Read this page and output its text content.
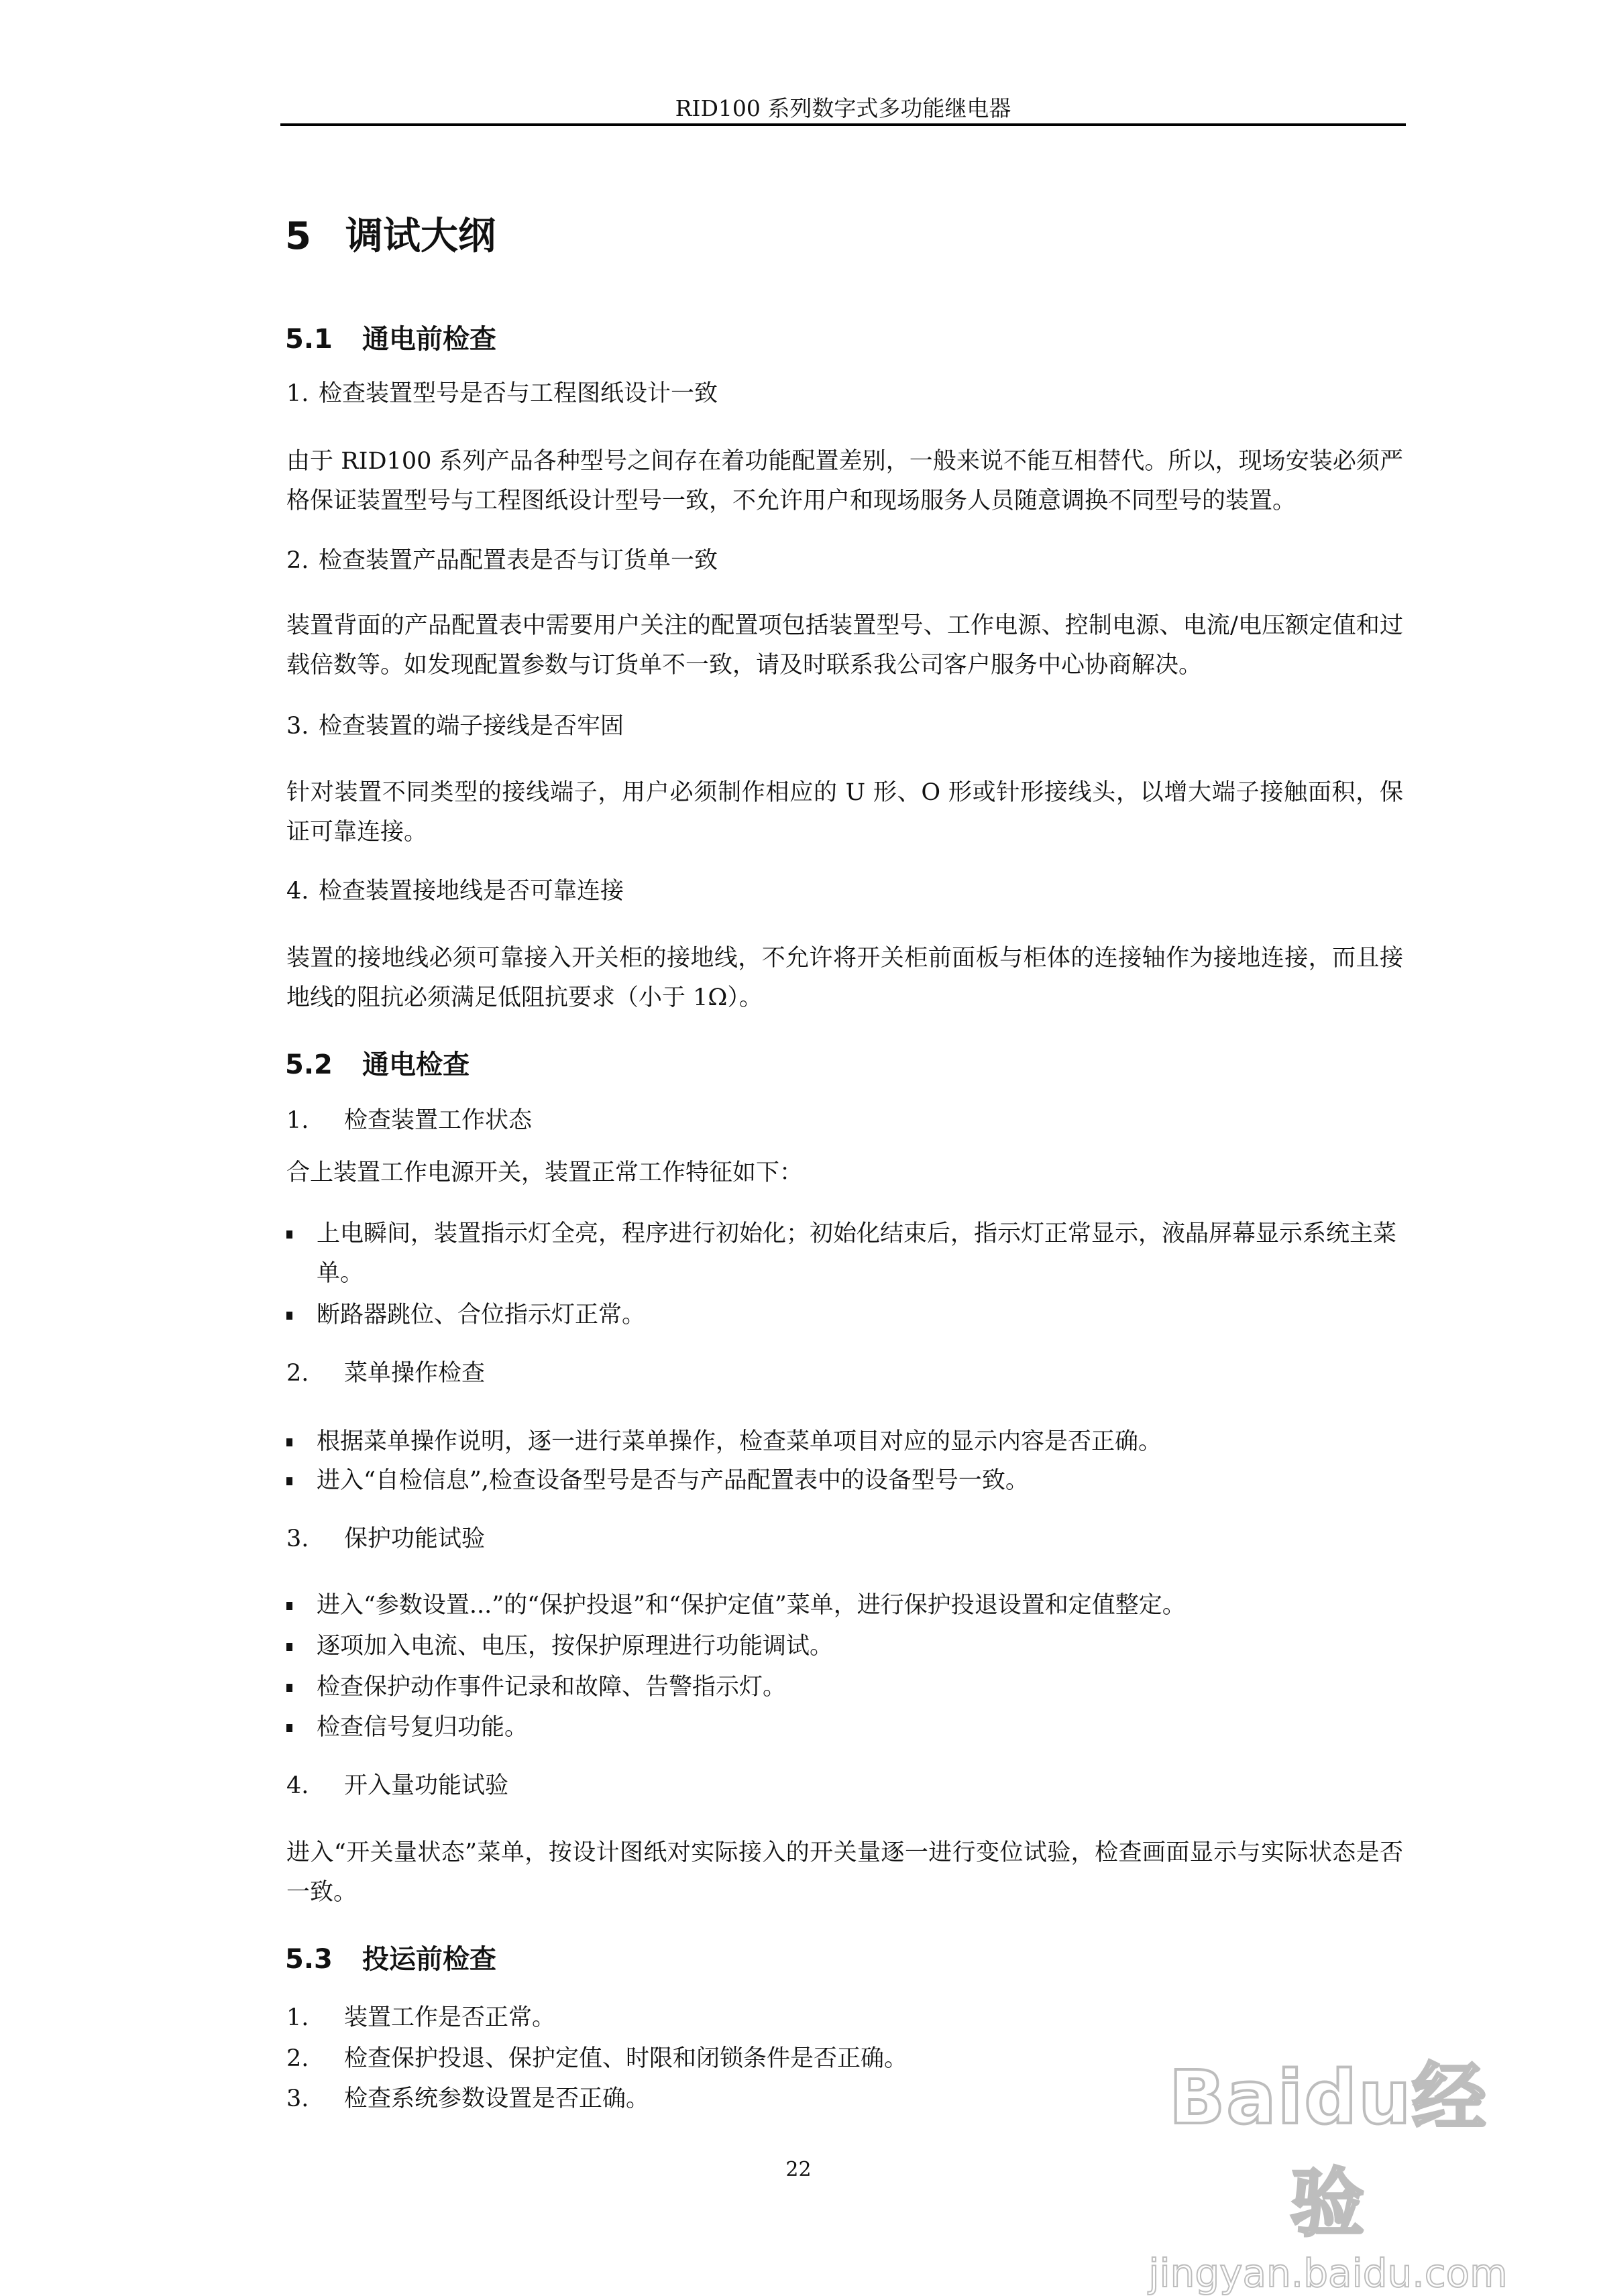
RID100 系列数字式多功能继电器
5 调试大纲
5.1 通电前检查
1. 检查装置型号是否与工程图纸设计一致
由于 RID100 系列产品各种型号之间存在着功能配置差别，一般来说不能互相替代。所以，现场安装必须严格保证装置型号与工程图纸设计型号一致，不允许用户和现场服务人员随意调换不同型号的装置。
2. 检查装置产品配置表是否与订货单一致
装置背面的产品配置表中需要用户关注的配置项包括装置型号、工作电源、控制电源、电流/电压额定值和过载倍数等。如发现配置参数与订货单不一致，请及时联系我公司客户服务中心协商解决。
3. 检查装置的端子接线是否牢固
针对装置不同类型的接线端子，用户必须制作相应的 U 形、O 形或针形接线头，以增大端子接触面积，保证可靠连接。
4. 检查装置接地线是否可靠连接
装置的接地线必须可靠接入开关柜的接地线，不允许将开关柜前面板与柜体的连接轴作为接地连接，而且接地线的阻抗必须满足低阻抗要求（小于 1Ω）。
5.2 通电检查
1. 检查装置工作状态
合上装置工作电源开关，装置正常工作特征如下：
上电瞬间，装置指示灯全亮，程序进行初始化；初始化结束后，指示灯正常显示，液晶屏幕显示系统主菜单。
断路器跳位、合位指示灯正常。
2. 菜单操作检查
根据菜单操作说明，逐一进行菜单操作，检查菜单项目对应的显示内容是否正确。
进入“自检信息”,检查设备型号是否与产品配置表中的设备型号一致。
3. 保护功能试验
进入“参数设置...”的“保护投退”和“保护定值”菜单，进行保护投退设置和定值整定。
逐项加入电流、电压，按保护原理进行功能调试。
检查保护动作事件记录和故障、告警指示灯。
检查信号复归功能。
4. 开入量功能试验
进入“开关量状态”菜单，按设计图纸对实际接入的开关量逐一进行变位试验，检查画面显示与实际状态是否一致。
5.3 投运前检查
1. 装置工作是否正常。
2. 检查保护投退、保护定值、时限和闭锁条件是否正确。
3. 检查系统参数设置是否正确。
22
Baidu经验
jingyan.baidu.com
